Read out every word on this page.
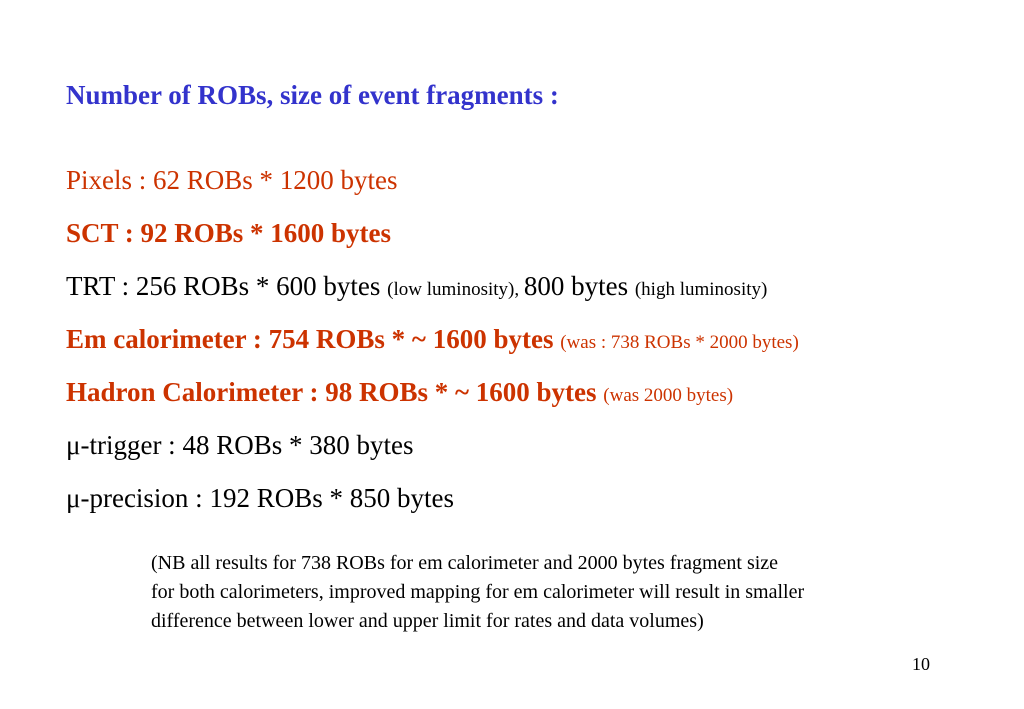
Number of ROBs, size of event fragments :
Pixels : 62 ROBs * 1200 bytes
SCT : 92 ROBs * 1600 bytes
TRT : 256 ROBs * 600 bytes (low luminosity), 800 bytes (high luminosity)
Em calorimeter : 754 ROBs * ~ 1600 bytes (was : 738 ROBs * 2000 bytes)
Hadron Calorimeter : 98 ROBs * ~ 1600 bytes (was 2000 bytes)
μ-trigger : 48 ROBs * 380 bytes
μ-precision : 192 ROBs * 850 bytes
(NB all results for 738 ROBs for em calorimeter and 2000 bytes fragment size
for both calorimeters, improved mapping for em calorimeter will result in smaller
difference between lower and upper limit for rates and data volumes)
10
